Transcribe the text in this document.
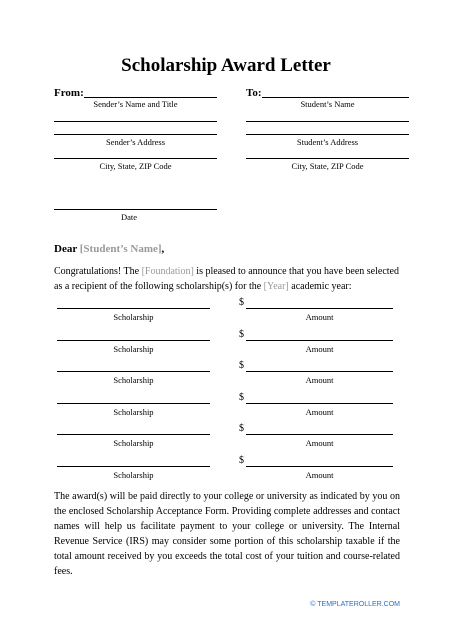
Scholarship Award Letter
From:
Sender’s Name and Title
Sender’s Address
City, State, ZIP Code
Date
To:
Student’s Name
Student’s Address
City, State, ZIP Code
Dear [Student’s Name],
Congratulations! The [Foundation] is pleased to announce that you have been selected as a recipient of the following scholarship(s) for the [Year] academic year:
Scholarship
$
Amount
Scholarship
$
Amount
Scholarship
$
Amount
Scholarship
$
Amount
Scholarship
$
Amount
Scholarship
$
Amount
The award(s) will be paid directly to your college or university as indicated by you on the enclosed Scholarship Acceptance Form. Providing complete addresses and contact names will help us facilitate payment to your college or university. The Internal Revenue Service (IRS) may consider some portion of this scholarship taxable if the total amount received by you exceeds the total cost of your tuition and course-related fees.
© TEMPLATEROLLER.COM
